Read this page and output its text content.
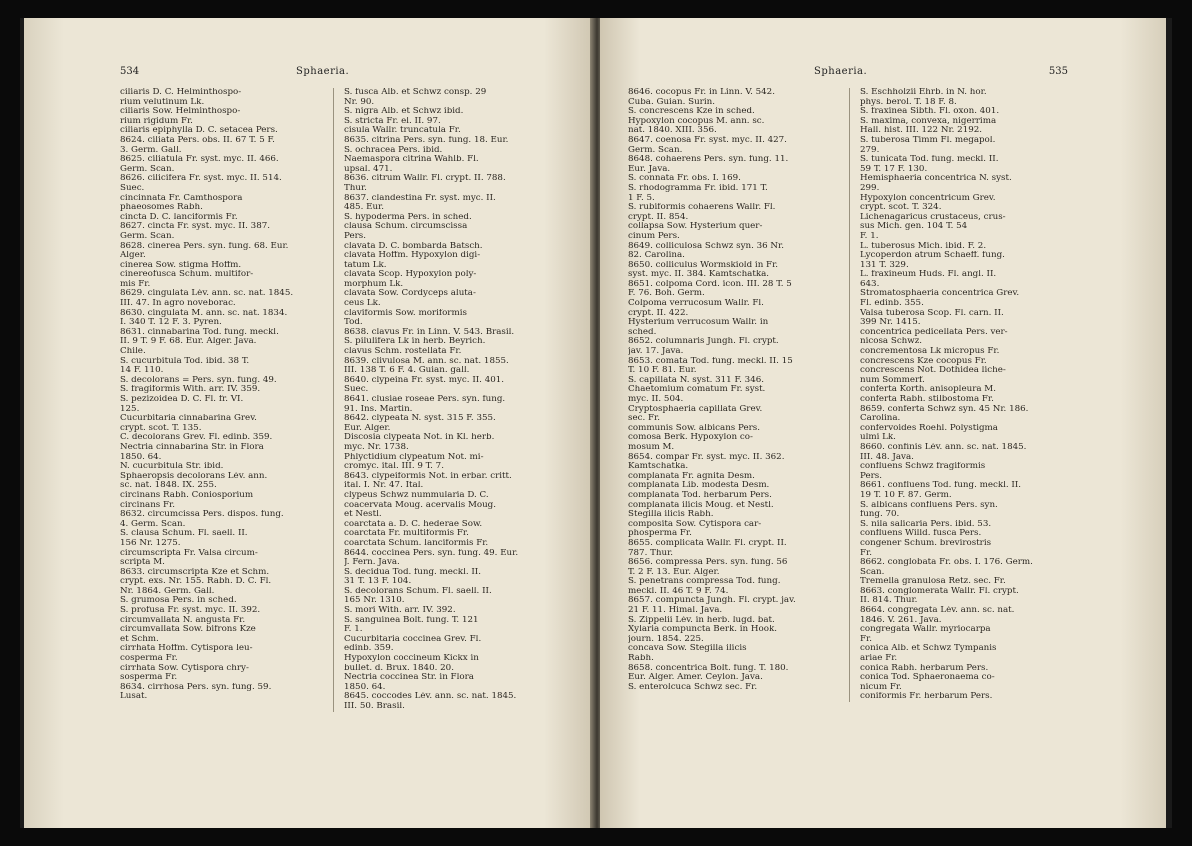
534	Sphaeria.
ciliaris D. C. Helminthospo-
rium velutinum Lk.
ciliaris Sow. Helminthospo-
rium rigidum Fr.
ciliaris epiphylla D. C. setacea Pers.
8624. ciliata Pers. obs. II. 67 T. 5 F.
3. Germ. Gall.
8625. ciliatula Fr. syst. myc. II. 466.
Germ. Scan.
8626. cilicifera Fr. syst. myc. II. 514.
Suec.
cincinnata Fr. Camthospora
phaeosomes Rabh.
cincta D. C. lanciformis Fr.
8627. cincta Fr. syst. myc. II. 387.
Germ. Scan.
8628. cinerea Pers. syn. fung. 68. Eur.
Alger.
cinerea Sow. stigma Hoffm.
cinereofusca Schum. multifor-
mis Fr.
8629. cingulata Lév. ann. sc. nat. 1845.
III. 47. In agro noveborac.
8630. cingulata M. ann. sc. nat. 1834.
I. 340 T. 12 F. 3. Pyren.
8631. cinnabarina Tod. fung. meckl.
II. 9 T. 9 F. 68. Eur. Alger. Java.
Chile.
S. cucurbitula Tod. ibid. 38 T.
14 F. 110.
S. decolorans = Pers. syn. fung. 49.
S. fragiformis With. arr. IV. 359.
S. pezizoidea D. C. Fl. fr. VI.
125.
Cucurbitaria cinnabarina Grev.
crypt. scot. T. 135.
C. decolorans Grev. Fl. edinb. 359.
Nectria cinnabarina Str. in Flora
1850. 64.
N. cucurbitula Str. ibid.
Sphaeropsis decolorans Lév. ann.
sc. nat. 1848. IX. 255.
circinans Rabh. Coniosporium
circinans Fr.
8632. circumcissa Pers. dispos. fung.
4. Germ. Scan.
S. clausa Schum. Fl. saell. II.
156 Nr. 1275.
circumscripta Fr. Valsa circum-
scripta M.
8633. circumscripta Kze et Schm.
crypt. exs. Nr. 155. Rabh. D. C. Fl.
Nr. 1864. Germ. Gall.
S. grumosa Pers. in sched.
S. profusa Fr. syst. myc. II. 392.
circumvallata N. angusta Fr.
circumvallata Sow. bifrons Kze
et Schm.
cirrhata Hoffm. Cytispora leu-
cosperma Fr.
cirrhata Sow. Cytispora chry-
sosperma Fr.
8634. cirrhosa Pers. syn. fung. 59.
Lusat.
S. fusca Alb. et Schwz consp. 29
Nr. 90.
S. nigra Alb. et Schwz ibid.
S. stricta Fr. el. II. 97.
cisula Wallr. truncatula Fr.
8635. citrina Pers. syn. fung. 18. Eur.
S. ochracea Pers. ibid.
Naemaspora citrina Wahlb. Fl.
upsal. 471.
8636. citrum Wallr. Fl. crypt. II. 788.
Thur.
8637. clandestina Fr. syst. myc. II.
485. Eur.
S. hypoderma Pers. in sched.
clausa Schum. circumscissa
Pers.
clavata D. C. bombarda Batsch.
clavata Hoffm. Hypoxylon digi-
tatum Lk.
clavata Scop. Hypoxylon poly-
morphum Lk.
clavata Sow. Cordyceps aluta-
ceus Lk.
claviformis Sow. moriformis
Tod.
8638. clavus Fr. in Linn. V. 543. Brasil.
S. pilulifera Lk in herb. Beyrich.
clavus Schm. rostellata Fr.
8639. clivulosa M. ann. sc. nat. 1855.
III. 138 T. 6 F. 4. Guian. gall.
8640. clypeina Fr. syst. myc. II. 401.
Suec.
8641. clusiae roseae Pers. syn. fung.
91. Ins. Martin.
8642. clypeata N. syst. 315 F. 355.
Eur. Alger.
Discosia clypeata Not. in Kl. herb.
myc. Nr. 1738.
Phlyctidium clypeatum Not. mi-
cromyc. ital. III. 9 T. 7.
8643. clypeiformis Not. in erbar. critt.
ital. I. Nr. 47. Ital.
clypeus Schwz nummularia D. C.
coacervata Moug. acervalis Moug.
et Nestl.
coarctata a. D. C. hederae Sow.
coarctata Fr. multiformis Fr.
coarctata Schum. lanciformis Fr.
8644. coccinea Pers. syn. fung. 49. Eur.
J. Fern. Java.
S. decidua Tod. fung. meckl. II.
31 T. 13 F. 104.
S. decolorans Schum. Fl. saell. II.
165 Nr. 1310.
S. mori With. arr. IV. 392.
S. sanguinea Bolt. fung. T. 121
F. 1.
Cucurbitaria coccinea Grev. Fl.
edinb. 359.
Hypoxylon coccineum Kickx in
bullet. d. Brux. 1840. 20.
Nectria coccinea Str. in Flora
1850. 64.
8645. coccodes Lév. ann. sc. nat. 1845.
III. 50. Brasil.
Sphaeria.	535
8646. cocopus Fr. in Linn. V. 542.
Cuba. Guian. Surin.
S. concrescens Kze in sched.
Hypoxylon cocopus M. ann. sc.
nat. 1840. XIII. 356.
8647. coenosa Fr. syst. myc. II. 427.
Germ. Scan.
8648. cohaerens Pers. syn. fung. 11.
Eur. Java.
S. connata Fr. obs. I. 169.
S. rhodogramma Fr. ibid. 171 T.
1 F. 5.
S. rubiformis cohaerens Wallr. Fl.
crypt. II. 854.
collapsa Sow. Hysterium quer-
cinum Pers.
8649. colliculosa Schwz syn. 36 Nr.
82. Carolina.
8650. colliculus Wormskiold in Fr.
syst. myc. II. 384. Kamtschatka.
8651. colpoma Cord. icon. III. 28 T. 5
F. 76. Boh. Germ.
Colpoma verrucosum Wallr. Fl.
crypt. II. 422.
Hysterium verrucosum Wallr. in
sched.
8652. columnaris Jungh. Fl. crypt.
jav. 17. Java.
8653. comata Tod. fung. meckl. II. 15
T. 10 F. 81. Eur.
S. capillata N. syst. 311 F. 346.
Chaetomium comatum Fr. syst.
myc. II. 504.
Cryptosphaeria capillata Grev.
sec. Fr.
communis Sow. albicans Pers.
comosa Berk. Hypoxylon co-
mosum M.
8654. compar Fr. syst. myc. II. 362.
Kamtschatka.
complanata Fr. agnita Desm.
complanata Lib. modesta Desm.
complanata Tod. herbarum Pers.
complanata ilicis Moug. et Nestl.
Stegilla ilicis Rabh.
composita Sow. Cytispora car-
phosperma Fr.
8655. complicata Wallr. Fl. crypt. II.
787. Thur.
8656. compressa Pers. syn. fung. 56
T. 2 F. 13. Eur. Alger.
S. penetrans compressa Tod. fung.
meckl. II. 46 T. 9 F. 74.
8657. compuncta Jungh. Fl. crypt. jav.
21 F. 11. Himal. Java.
S. Zippelii Lév. in herb. lugd. bat.
Xylaria compuncta Berk. in Hook.
journ. 1854. 225.
concava Sow. Stegilla ilicis
Rabh.
8658. concentrica Bolt. fung. T. 180.
Eur. Alger. Amer. Ceylon. Java.
S. enterolcuca Schwz sec. Fr.
S. Eschholzii Ehrb. in N. hor.
phys. berol. T. 18 F. 8.
S. fraxinea Sibth. Fl. oxon. 401.
S. maxima, convexa, nigerrima
Hall. hist. III. 122 Nr. 2192.
S. tuberosa Timm Fl. megapol.
279.
S. tunicata Tod. fung. meckl. II.
59 T. 17 F. 130.
Hemisphaeria concentrica N. syst.
299.
Hypoxylon concentricum Grev.
crypt. scot. T. 324.
Lichenagaricus crustaceus, crus-
sus Mich. gen. 104 T. 54
F. 1.
L. tuberosus Mich. ibid. F. 2.
Lycoperdon atrum Schaeff. fung.
131 T. 329.
L. fraxineum Huds. Fl. angl. II.
643.
Stromatosphaeria concentrica Grev.
Fl. edinb. 355.
Valsa tuberosa Scop. Fl. carn. II.
399 Nr. 1415.
concentrica pedicellata Pers. ver-
nicosa Schwz.
concrementosa Lk micropus Fr.
concrescens Kze cocopus Fr.
concrescens Not. Dothidea liche-
num Sommerf.
conferta Korth. anisopleura M.
conferta Rabh. stilbostoma Fr.
8659. conferta Schwz syn. 45 Nr. 186.
Carolina.
confervoides Roehl. Polystigma
ulmi Lk.
8660. confinis Lév. ann. sc. nat. 1845.
III. 48. Java.
confluens Schwz fragiformis
Pers.
8661. confluens Tod. fung. meckl. II.
19 T. 10 F. 87. Germ.
S. albicans confluens Pers. syn.
fung. 70.
S. nila salicaria Pers. ibid. 53.
confluens Willd. fusca Pers.
congener Schum. brevirostris
Fr.
8662. conglobata Fr. obs. I. 176. Germ.
Scan.
Tremella granulosa Retz. sec. Fr.
8663. conglomerata Wallr. Fl. crypt.
II. 814. Thur.
8664. congregata Lév. ann. sc. nat.
1846. V. 261. Java.
congregata Wallr. myriocarpa
Fr.
conica Alb. et Schwz Tympanis
ariae Fr.
conica Rabh. herbarum Pers.
conica Tod. Sphaeronaema co-
nicum Fr.
coniformis Fr. herbarum Pers.
